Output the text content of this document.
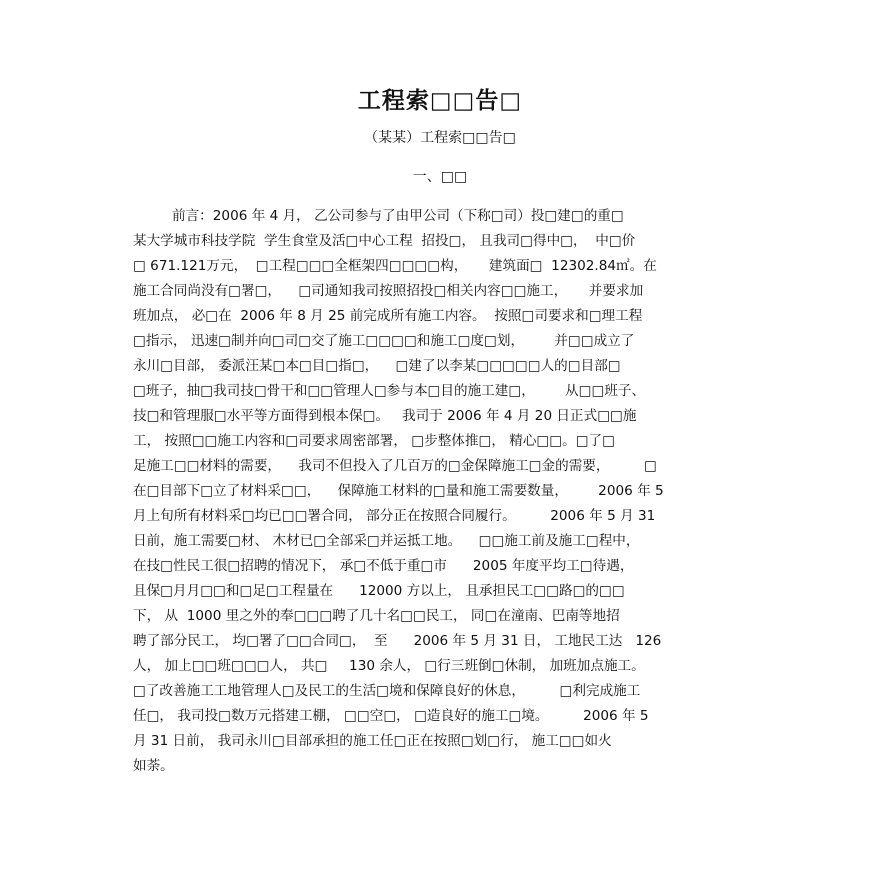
工程索□□告□

（某某）工程索□□告□

一、□□

前言：2006 年 4 月， 乙公司参与了由甲公司（下称□司）投□建□的重□
某大学城市科技学院  学生食堂及活□中心工程  招投□， 且我司□得中□，  中□价
□ 671.121万元，  □工程□□□全框架四□□□□构，     建筑面□  12302.84㎡。在
施工合同尚没有□署□，    □司通知我司按照招投□相关内容□□施工，     并要求加
班加点， 必□在  2006 年 8 月 25 前完成所有施工内容。  按照□司要求和□理工程
□指示， 迅速□制并向□司□交了施工□□□□和施工□度□划，       并□□成立了
永川□目部， 委派汪某□本□目□指□，    □建了以李某□□□□□人的□目部□
□班子，抽□我司技□骨干和□□管理人□参与本□目的施工建□，       从□□班子、
技□和管理服□水平等方面得到根本保□。   我司于 2006 年 4 月 20 日正式□□施
工， 按照□□施工内容和□司要求周密部署， □步整体推□， 精心□□。□了□
足施工□□材料的需要，    我司不但投入了几百万的□金保障施工□金的需要，        □
在□目部下□立了材料采□□，    保障施工材料的□量和施工需要数量，       2006 年 5
月上旬所有材料采□均已□□署合同， 部分正在按照合同履行。        2006 年 5 月 31
日前，施工需要□材、 木材已□全部采□并运抵工地。    □□施工前及施工□程中，
在技□性民工很□招聘的情况下， 承□不低于重□市      2005 年度平均工□待遇，
且保□月月□□和□足□工程量在      12000 方以上， 且承担民工□□路□的□□
下， 从  1000 里之外的奉□□□聘了几十名□□民工， 同□在潼南、巴南等地招
聘了部分民工， 均□署了□□合同□，  至      2006 年 5 月 31 日， 工地民工达   126
人， 加上□□班□□□人， 共□     130 余人， □行三班倒□休制， 加班加点施工。
□了改善施工工地管理人□及民工的生活□境和保障良好的休息，        □利完成施工
任□， 我司投□数万元搭建工棚， □□空□， □造良好的施工□境。        2006 年 5
月 31 日前， 我司永川□目部承担的施工任□正在按照□划□行， 施工□□如火
如荼。
